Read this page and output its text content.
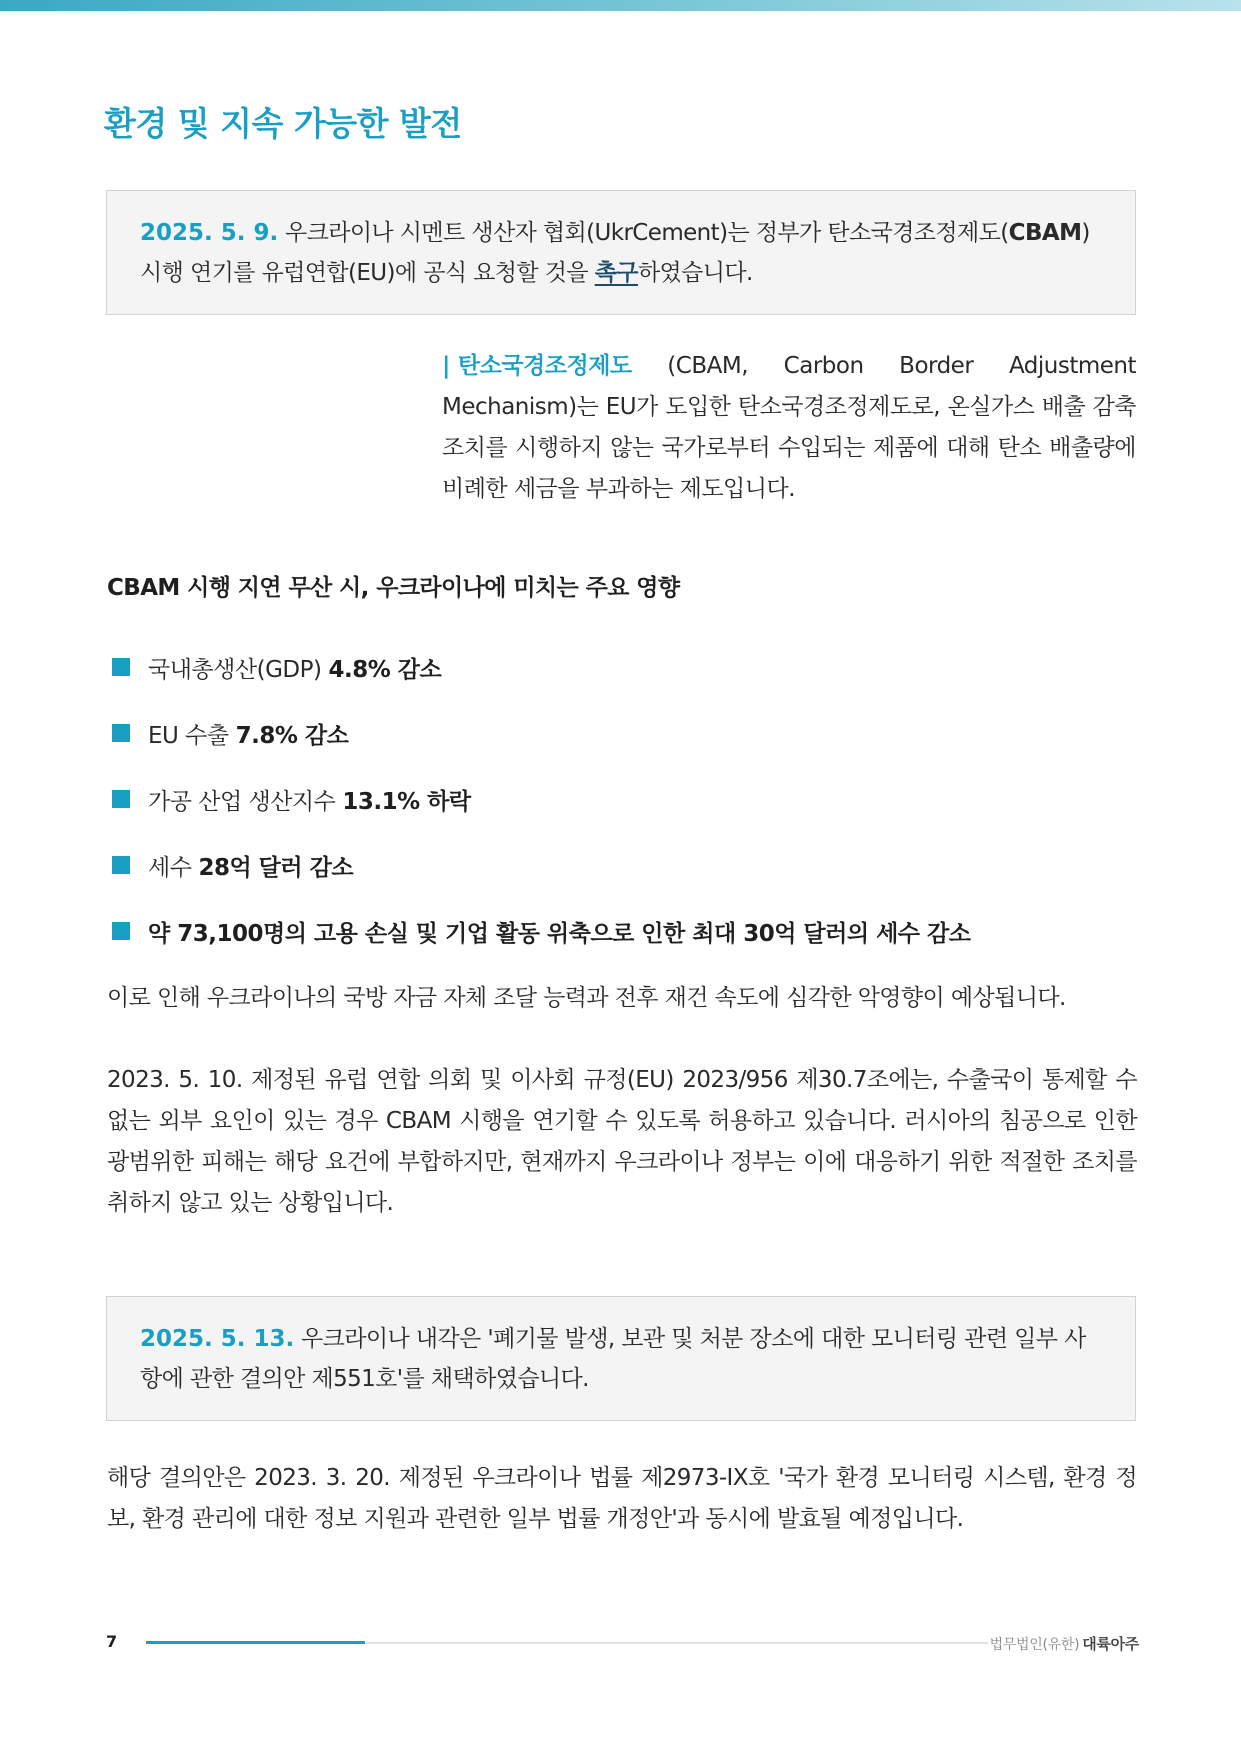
환경 및 지속 가능한 발전

2025. 5. 9. 우크라이나 시멘트 생산자 협회(UkrCement)는 정부가 탄소국경조정제도(CBAM) 시행 연기를 유럽연합(EU)에 공식 요청할 것을 촉구하였습니다.

| 탄소국경조정제도 (CBAM, Carbon Border Adjustment Mechanism)는 EU가 도입한 탄소국경조정제도로, 온실가스 배출 감축 조치를 시행하지 않는 국가로부터 수입되는 제품에 대해 탄소 배출량에 비례한 세금을 부과하는 제도입니다.
CBAM 시행 지연 무산 시, 우크라이나에 미치는 주요 영향
국내총생산(GDP) 4.8% 감소
EU 수출 7.8% 감소
가공 산업 생산지수 13.1% 하락
세수 28억 달러 감소
약 73,100명의 고용 손실 및 기업 활동 위축으로 인한 최대 30억 달러의 세수 감소

이로 인해 우크라이나의 국방 자금 자체 조달 능력과 전후 재건 속도에 심각한 악영향이 예상됩니다.

2023. 5. 10. 제정된 유럽 연합 의회 및 이사회 규정(EU) 2023/956 제30.7조에는, 수출국이 통제할 수 없는 외부 요인이 있는 경우 CBAM 시행을 연기할 수 있도록 허용하고 있습니다. 러시아의 침공으로 인한 광범위한 피해는 해당 요건에 부합하지만, 현재까지 우크라이나 정부는 이에 대응하기 위한 적절한 조치를 취하지 않고 있는 상황입니다.

2025. 5. 13. 우크라이나 내각은 '폐기물 발생, 보관 및 처분 장소에 대한 모니터링 관련 일부 사항에 관한 결의안 제551호'를 채택하였습니다.

해당 결의안은 2023. 3. 20. 제정된 우크라이나 법률 제2973-IX호 '국가 환경 모니터링 시스템, 환경 정보, 환경 관리에 대한 정보 지원과 관련한 일부 법률 개정안'과 동시에 발효될 예정입니다.

7	법무법인(유한) 대륙아주
